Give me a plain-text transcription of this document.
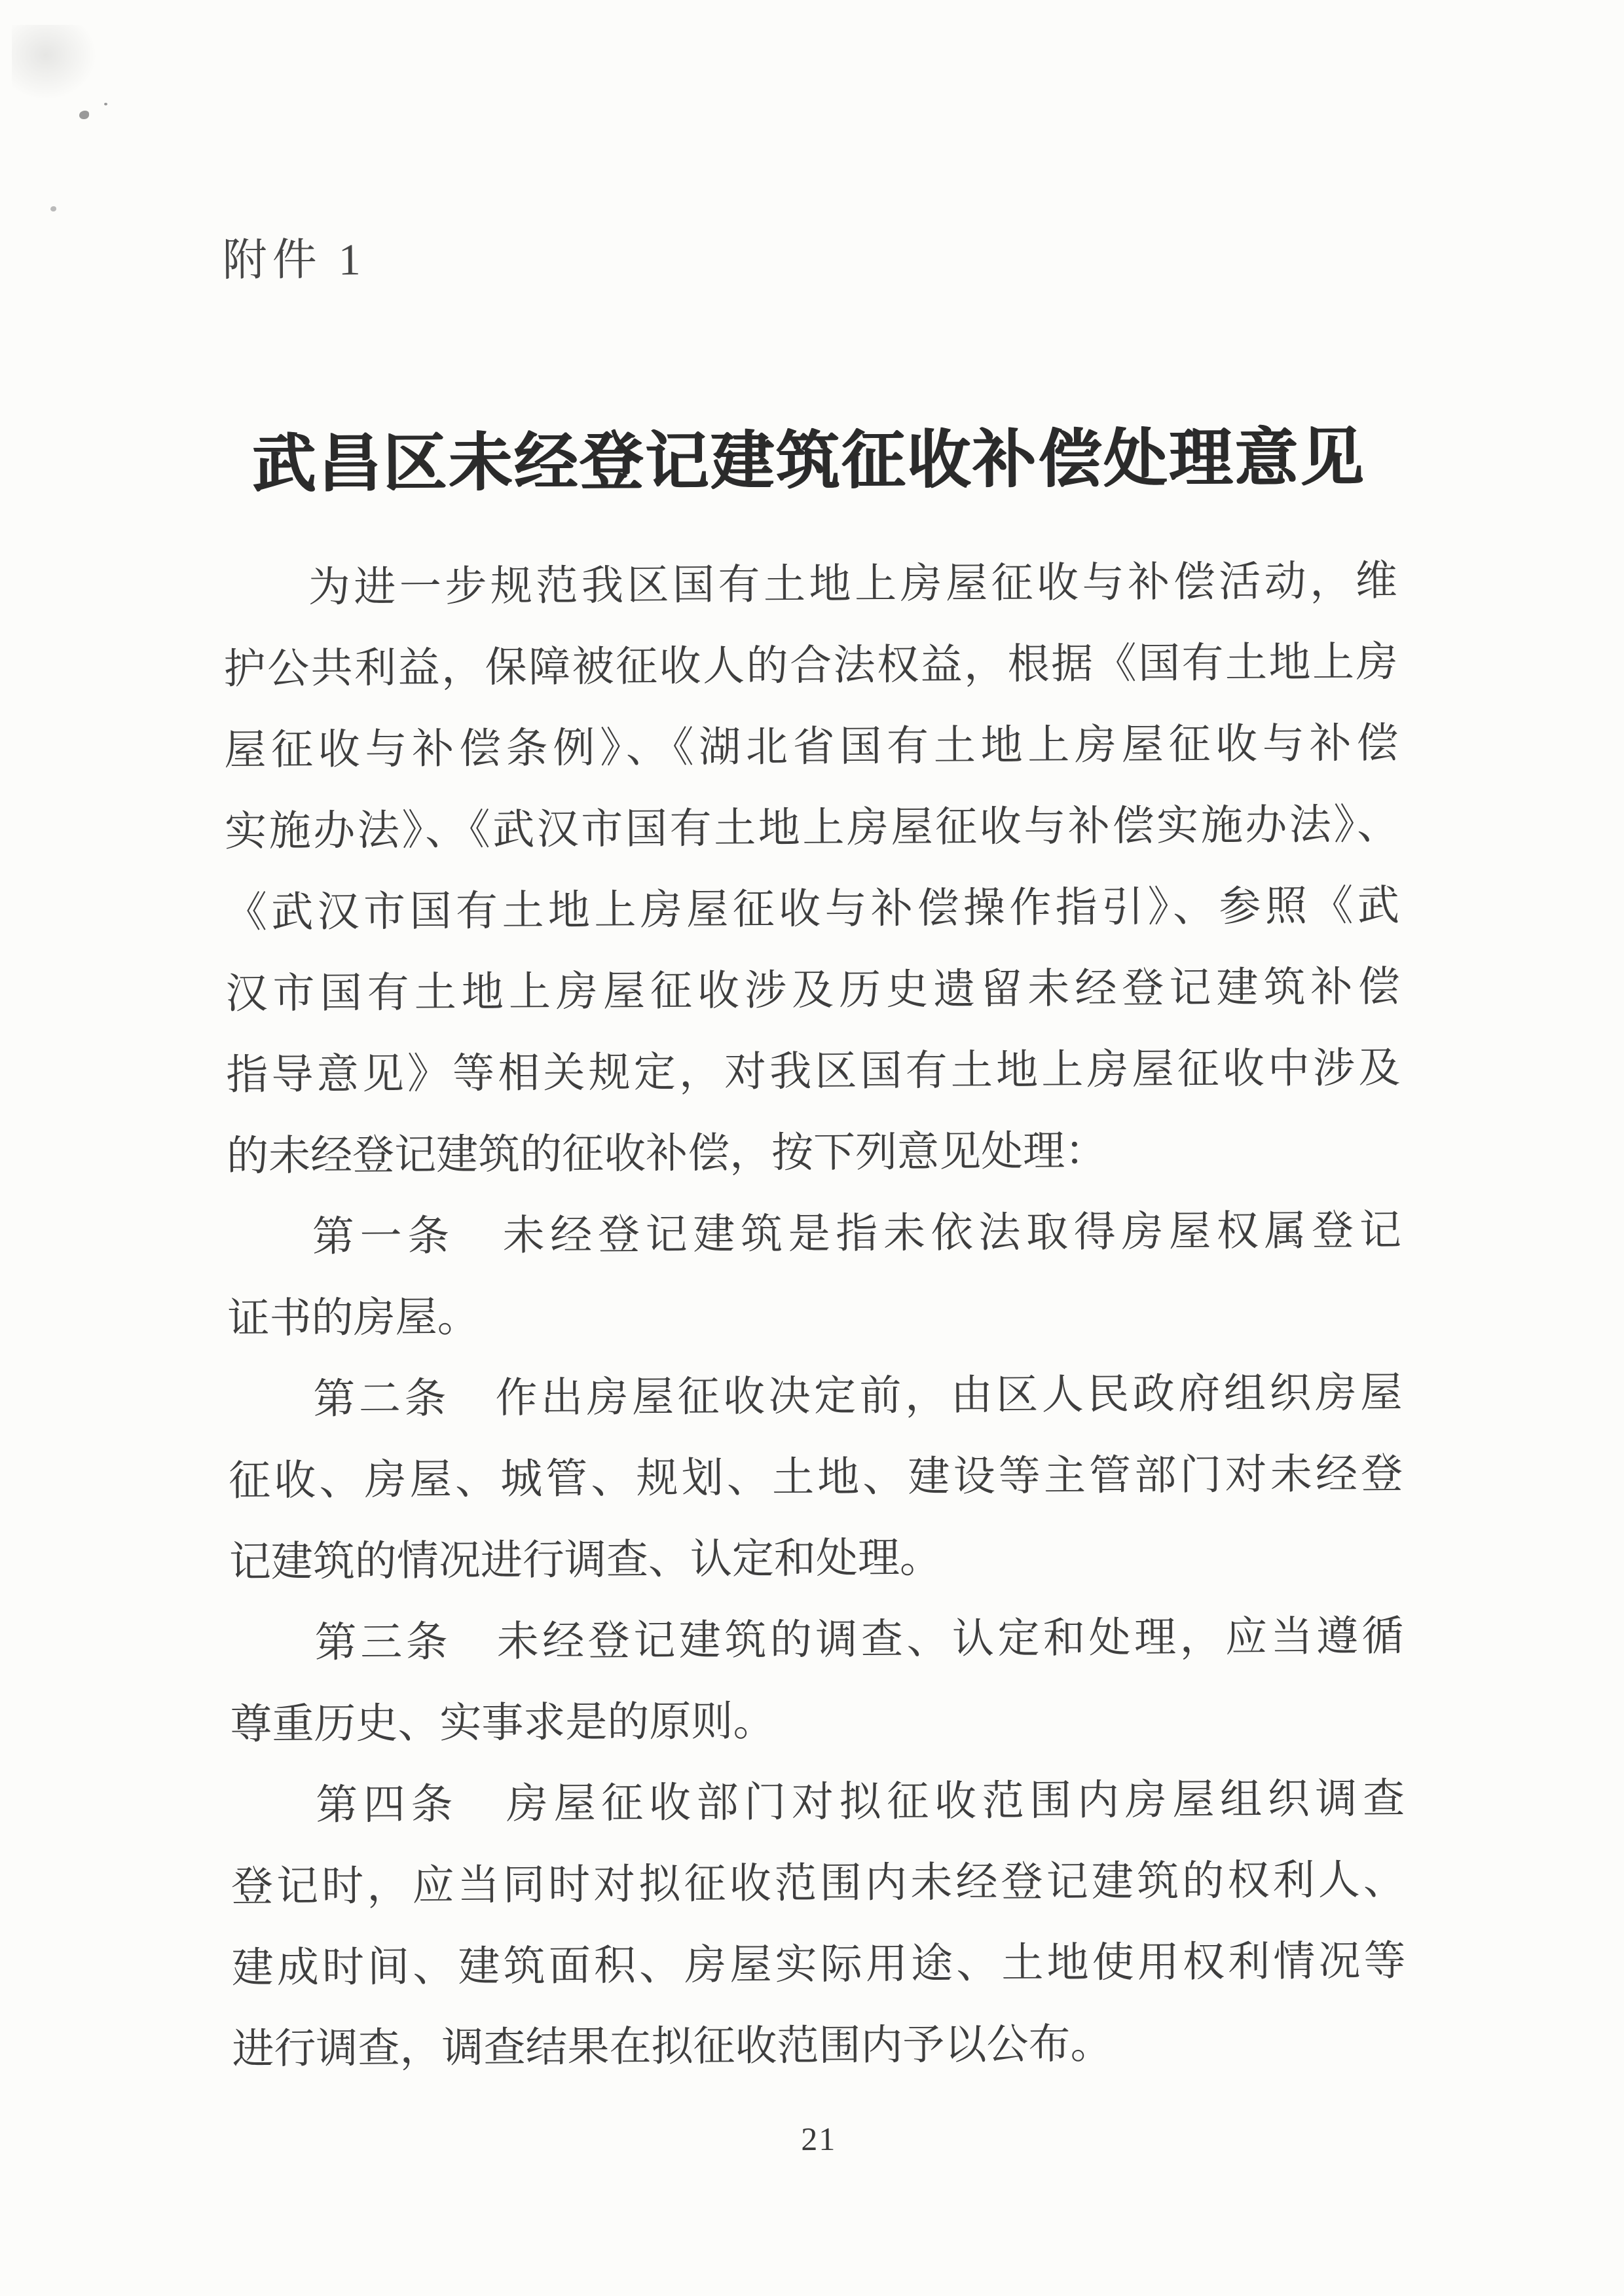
附件 1
武昌区未经登记建筑征收补偿处理意见
为进一步规范我区国有土地上房屋征收与补偿活动，维
护公共利益，保障被征收人的合法权益，根据《国有土地上房
屋征收与补偿条例》、《湖北省国有土地上房屋征收与补偿
实施办法》、《武汉市国有土地上房屋征收与补偿实施办法》、
《武汉市国有土地上房屋征收与补偿操作指引》、参照《武
汉市国有土地上房屋征收涉及历史遗留未经登记建筑补偿
指导意见》等相关规定，对我区国有土地上房屋征收中涉及
的未经登记建筑的征收补偿，按下列意见处理：
第一条　未经登记建筑是指未依法取得房屋权属登记
证书的房屋。
第二条　作出房屋征收决定前，由区人民政府组织房屋
征收、房屋、城管、规划、土地、建设等主管部门对未经登
记建筑的情况进行调查、认定和处理。
第三条　未经登记建筑的调查、认定和处理，应当遵循
尊重历史、实事求是的原则。
第四条　房屋征收部门对拟征收范围内房屋组织调查
登记时，应当同时对拟征收范围内未经登记建筑的权利人、
建成时间、建筑面积、房屋实际用途、土地使用权利情况等
进行调查，调查结果在拟征收范围内予以公布。
21
